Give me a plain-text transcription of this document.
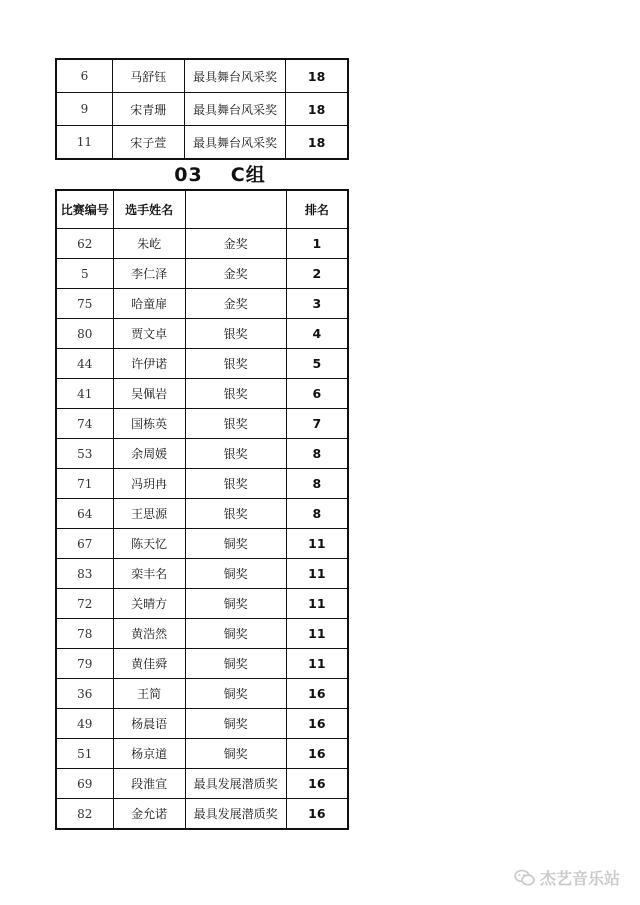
6	马舒钰	最具舞台风采奖	18
9	宋青珊	最具舞台风采奖	18
11	宋子萱	最具舞台风采奖	18
03 C组
比赛编号	选手姓名		排名
62	朱屹	金奖	1
5	李仁泽	金奖	2
75	哈童扉	金奖	3
80	贾文卓	银奖	4
44	许伊诺	银奖	5
41	吴佩岩	银奖	6
74	国栋英	银奖	7
53	余周媛	银奖	8
71	冯玥冉	银奖	8
64	王思源	银奖	8
67	陈天忆	铜奖	11
83	栾丰名	铜奖	11
72	关晴方	铜奖	11
78	黄浩然	铜奖	11
79	黄佳舜	铜奖	11
36	王简	铜奖	16
49	杨晨语	铜奖	16
51	杨京道	铜奖	16
69	段淮宣	最具发展潜质奖	16
82	金允诺	最具发展潜质奖	16
杰艺音乐站
